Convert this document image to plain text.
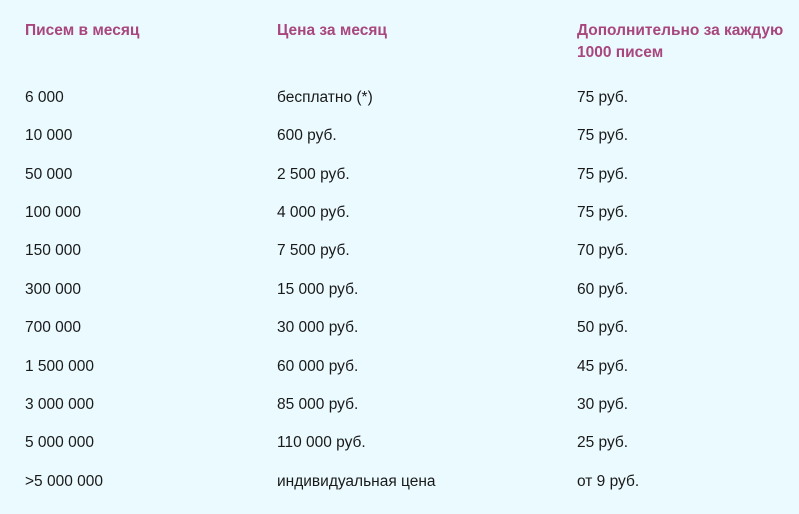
Писем в месяц	Цена за месяц	Дополнительно за каждую
1000 писем
6 000	бесплатно (*)	75 руб.
10 000	600 руб.	75 руб.
50 000	2 500 руб.	75 руб.
100 000	4 000 руб.	75 руб.
150 000	7 500 руб.	70 руб.
300 000	15 000 руб.	60 руб.
700 000	30 000 руб.	50 руб.
1 500 000	60 000 руб.	45 руб.
3 000 000	85 000 руб.	30 руб.
5 000 000	110 000 руб.	25 руб.
>5 000 000	индивидуальная цена	от 9 руб.
